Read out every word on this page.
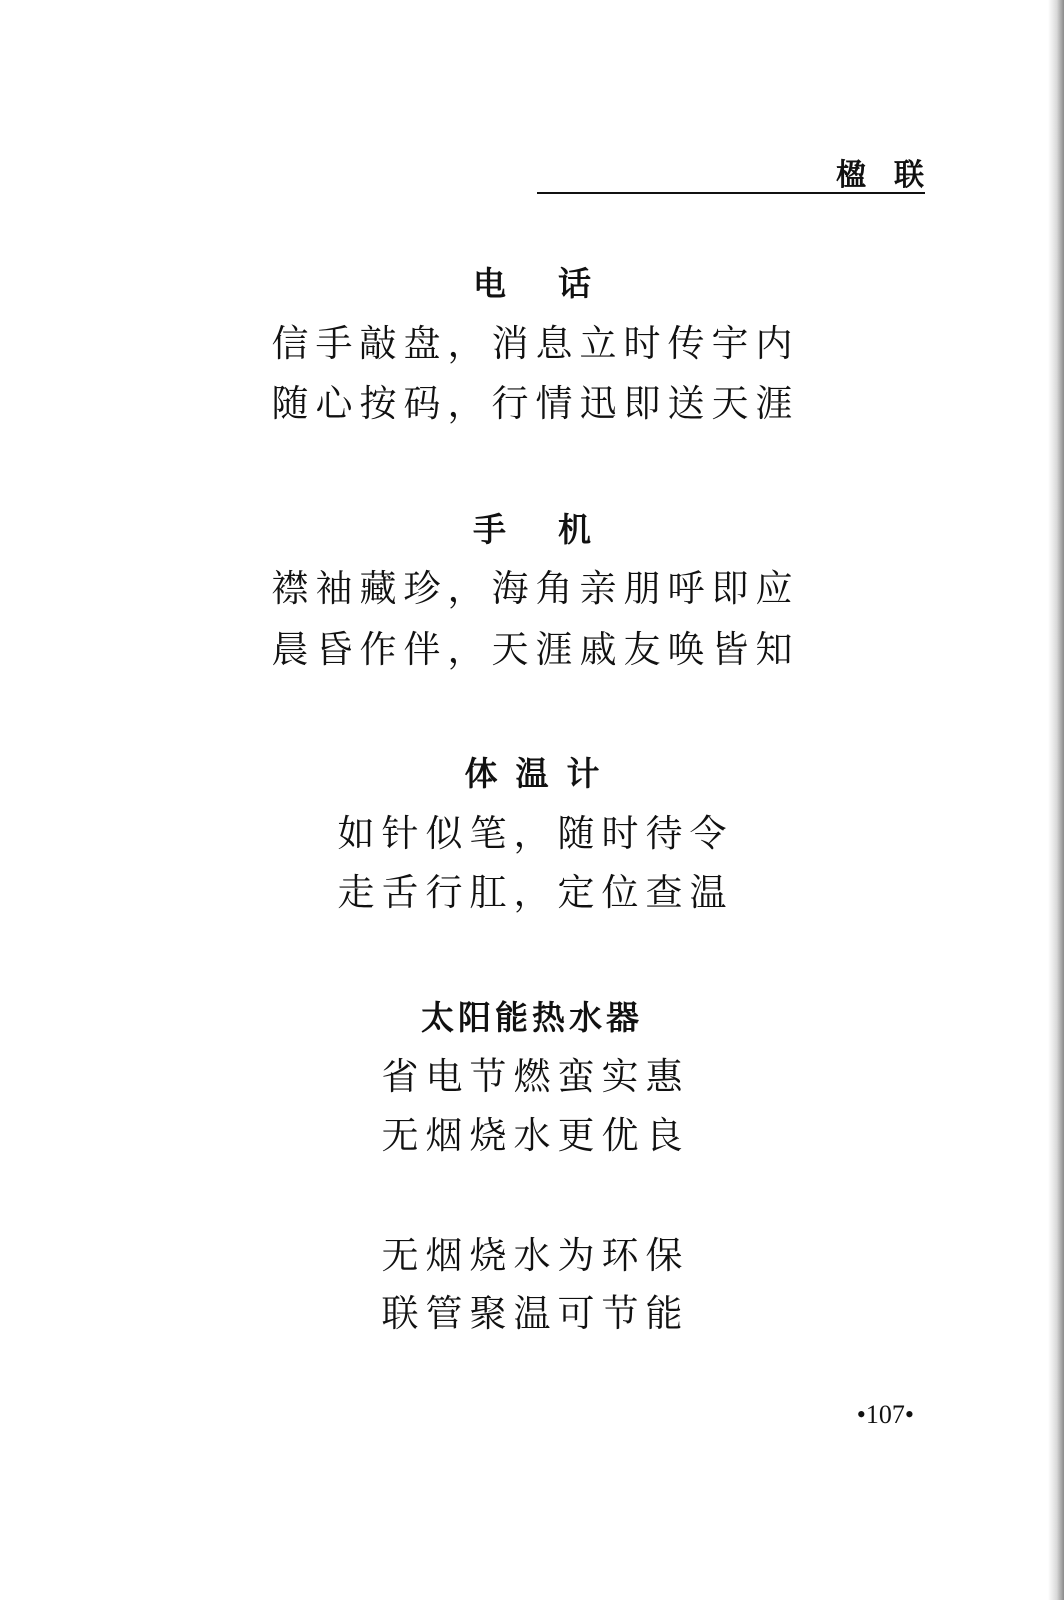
楹联
电话
信手敲盘，消息立时传宇内
随心按码，行情迅即送天涯
手机
襟袖藏珍，海角亲朋呼即应
晨昏作伴，天涯戚友唤皆知
体温计
如针似笔，随时待令
走舌行肛，定位查温
太阳能热水器
省电节燃蛮实惠
无烟烧水更优良
无烟烧水为环保
联管聚温可节能
•107•
